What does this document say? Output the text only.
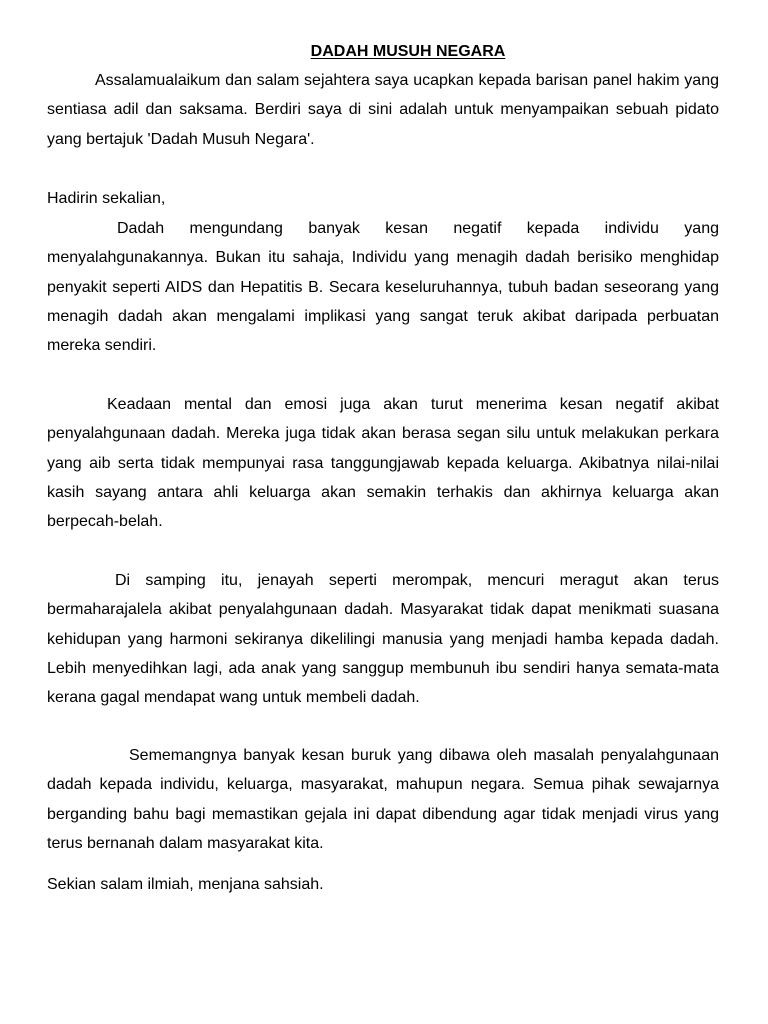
DADAH MUSUH NEGARA

Assalamualaikum dan salam sejahtera saya ucapkan kepada barisan panel hakim yang sentiasa adil dan saksama. Berdiri saya di sini adalah untuk menyampaikan sebuah pidato yang bertajuk 'Dadah Musuh Negara'.

Hadirin sekalian,

Dadah mengundang banyak kesan negatif kepada individu yang menyalahgunakannya. Bukan itu sahaja, Individu yang menagih dadah berisiko menghidap penyakit seperti AIDS dan Hepatitis B. Secara keseluruhannya, tubuh badan seseorang yang menagih dadah akan mengalami implikasi yang sangat teruk akibat daripada perbuatan mereka sendiri.

Keadaan mental dan emosi juga akan turut menerima kesan negatif akibat penyalahgunaan dadah. Mereka juga tidak akan berasa segan silu untuk melakukan perkara yang aib serta tidak mempunyai rasa tanggungjawab kepada keluarga. Akibatnya nilai-nilai kasih sayang antara ahli keluarga akan semakin terhakis dan akhirnya keluarga akan berpecah-belah.

Di samping itu, jenayah seperti merompak, mencuri meragut akan terus bermaharajalela akibat penyalahgunaan dadah. Masyarakat tidak dapat menikmati suasana kehidupan yang harmoni sekiranya dikelilingi manusia yang menjadi hamba kepada dadah. Lebih menyedihkan lagi, ada anak yang sanggup membunuh ibu sendiri hanya semata-mata kerana gagal mendapat wang untuk membeli dadah.

Sememangnya banyak kesan buruk yang dibawa oleh masalah penyalahgunaan dadah kepada individu, keluarga, masyarakat, mahupun negara. Semua pihak sewajarnya berganding bahu bagi memastikan gejala ini dapat dibendung agar tidak menjadi virus yang terus bernanah dalam masyarakat kita.

Sekian salam ilmiah, menjana sahsiah.
